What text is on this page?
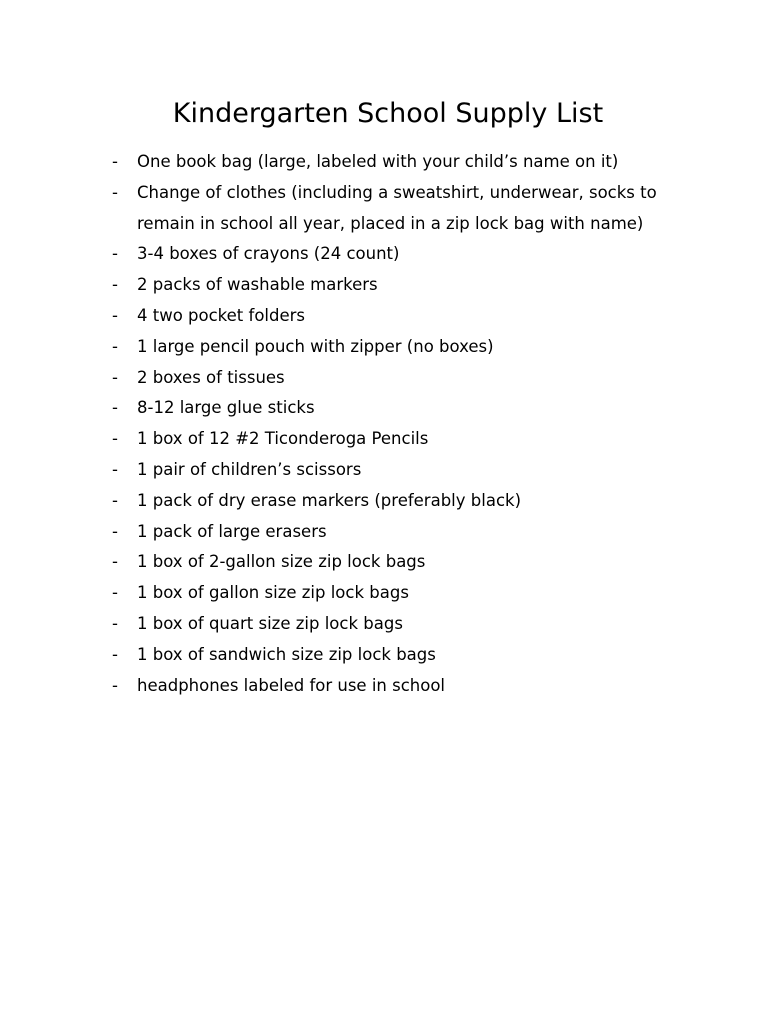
Kindergarten School Supply List
- One book bag (large, labeled with your child’s name on it)
- Change of clothes (including a sweatshirt, underwear, socks to remain in school all year, placed in a zip lock bag with name)
- 3-4 boxes of crayons (24 count)
- 2 packs of washable markers
- 4 two pocket folders
- 1 large pencil pouch with zipper (no boxes)
- 2 boxes of tissues
- 8-12 large glue sticks
- 1 box of 12 #2 Ticonderoga Pencils
- 1 pair of children’s scissors
- 1 pack of dry erase markers (preferably black)
- 1 pack of large erasers
- 1 box of 2-gallon size zip lock bags
- 1 box of gallon size zip lock bags
- 1 box of quart size zip lock bags
- 1 box of sandwich size zip lock bags
- headphones labeled for use in school
